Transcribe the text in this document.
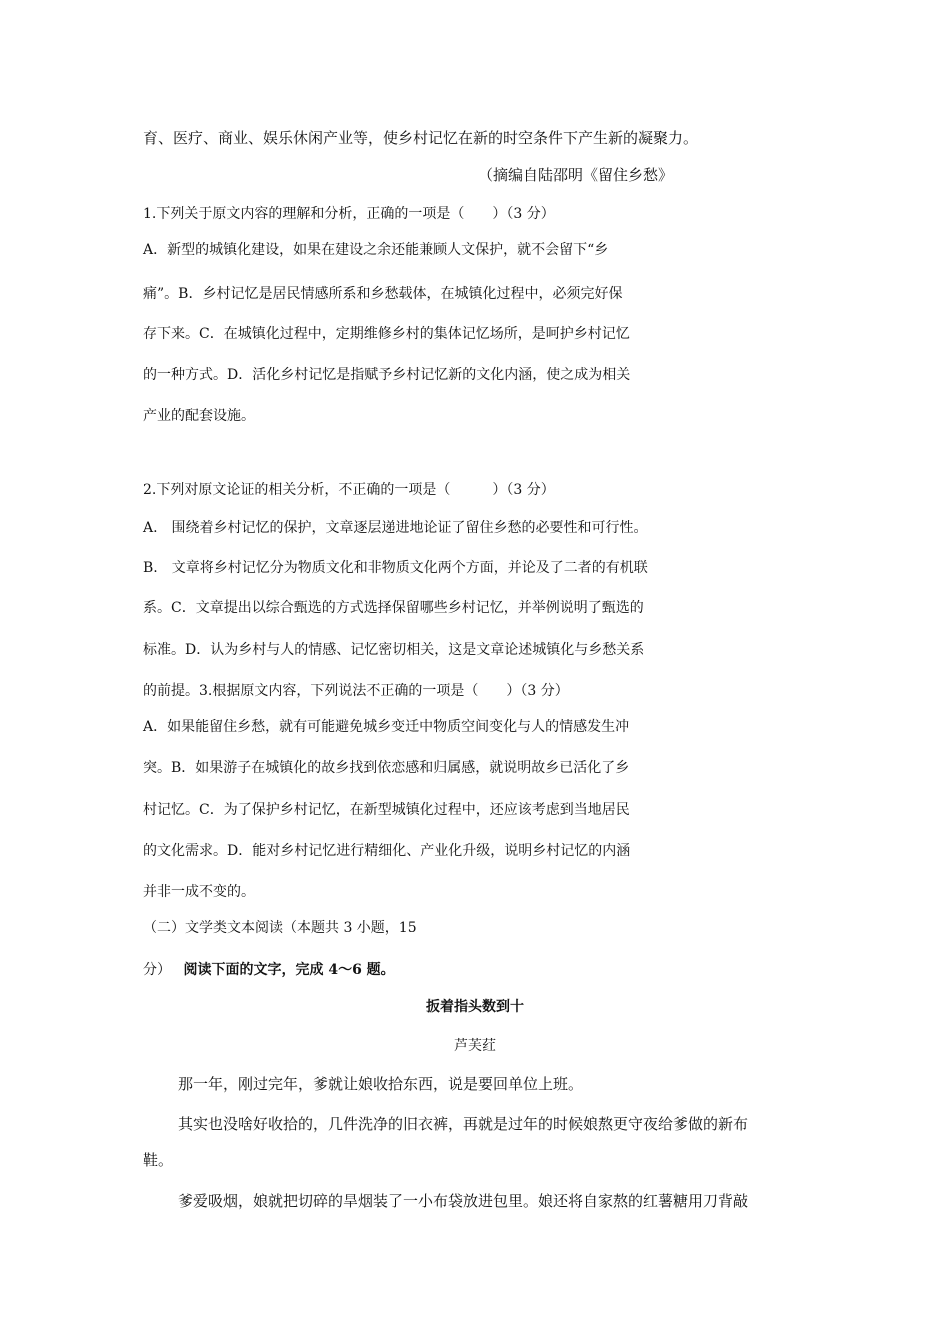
育、医疗、商业、娱乐休闲产业等，使乡村记忆在新的时空条件下产生新的凝聚力。
（摘编自陆邵明《留住乡愁》
1.下列关于原文内容的理解和分析，正确的一项是（　　）（3 分）
A．新型的城镇化建设，如果在建设之余还能兼顾人文保护，就不会留下“乡
痛”。B．乡村记忆是居民情感所系和乡愁载体，在城镇化过程中，必须完好保
存下来。C．在城镇化过程中，定期维修乡村的集体记忆场所，是呵护乡村记忆
的一种方式。D．活化乡村记忆是指赋予乡村记忆新的文化内涵，使之成为相关
产业的配套设施。
2.下列对原文论证的相关分析，不正确的一项是（　　　）（3 分）
A.　围绕着乡村记忆的保护，文章逐层递进地论证了留住乡愁的必要性和可行性。
B.　文章将乡村记忆分为物质文化和非物质文化两个方面，并论及了二者的有机联
系。C．文章提出以综合甄选的方式选择保留哪些乡村记忆，并举例说明了甄选的
标准。D．认为乡村与人的情感、记忆密切相关，这是文章论述城镇化与乡愁关系
的前提。3.根据原文内容，下列说法不正确的一项是（　　）（3 分）
A．如果能留住乡愁，就有可能避免城乡变迁中物质空间变化与人的情感发生冲
突。B．如果游子在城镇化的故乡找到依恋感和归属感，就说明故乡已活化了乡
村记忆。C．为了保护乡村记忆，在新型城镇化过程中，还应该考虑到当地居民
的文化需求。D．能对乡村记忆进行精细化、产业化升级，说明乡村记忆的内涵
并非一成不变的。
（二）文学类文本阅读（本题共 3 小题，15
分） 阅读下面的文字，完成 4～6 题。
扳着指头数到十
芦芙荭
那一年，刚过完年，爹就让娘收拾东西，说是要回单位上班。
其实也没啥好收拾的，几件洗净的旧衣裤，再就是过年的时候娘熬更守夜给爹做的新布
鞋。
爹爱吸烟，娘就把切碎的旱烟装了一小布袋放进包里。娘还将自家熬的红薯糖用刀背敲
